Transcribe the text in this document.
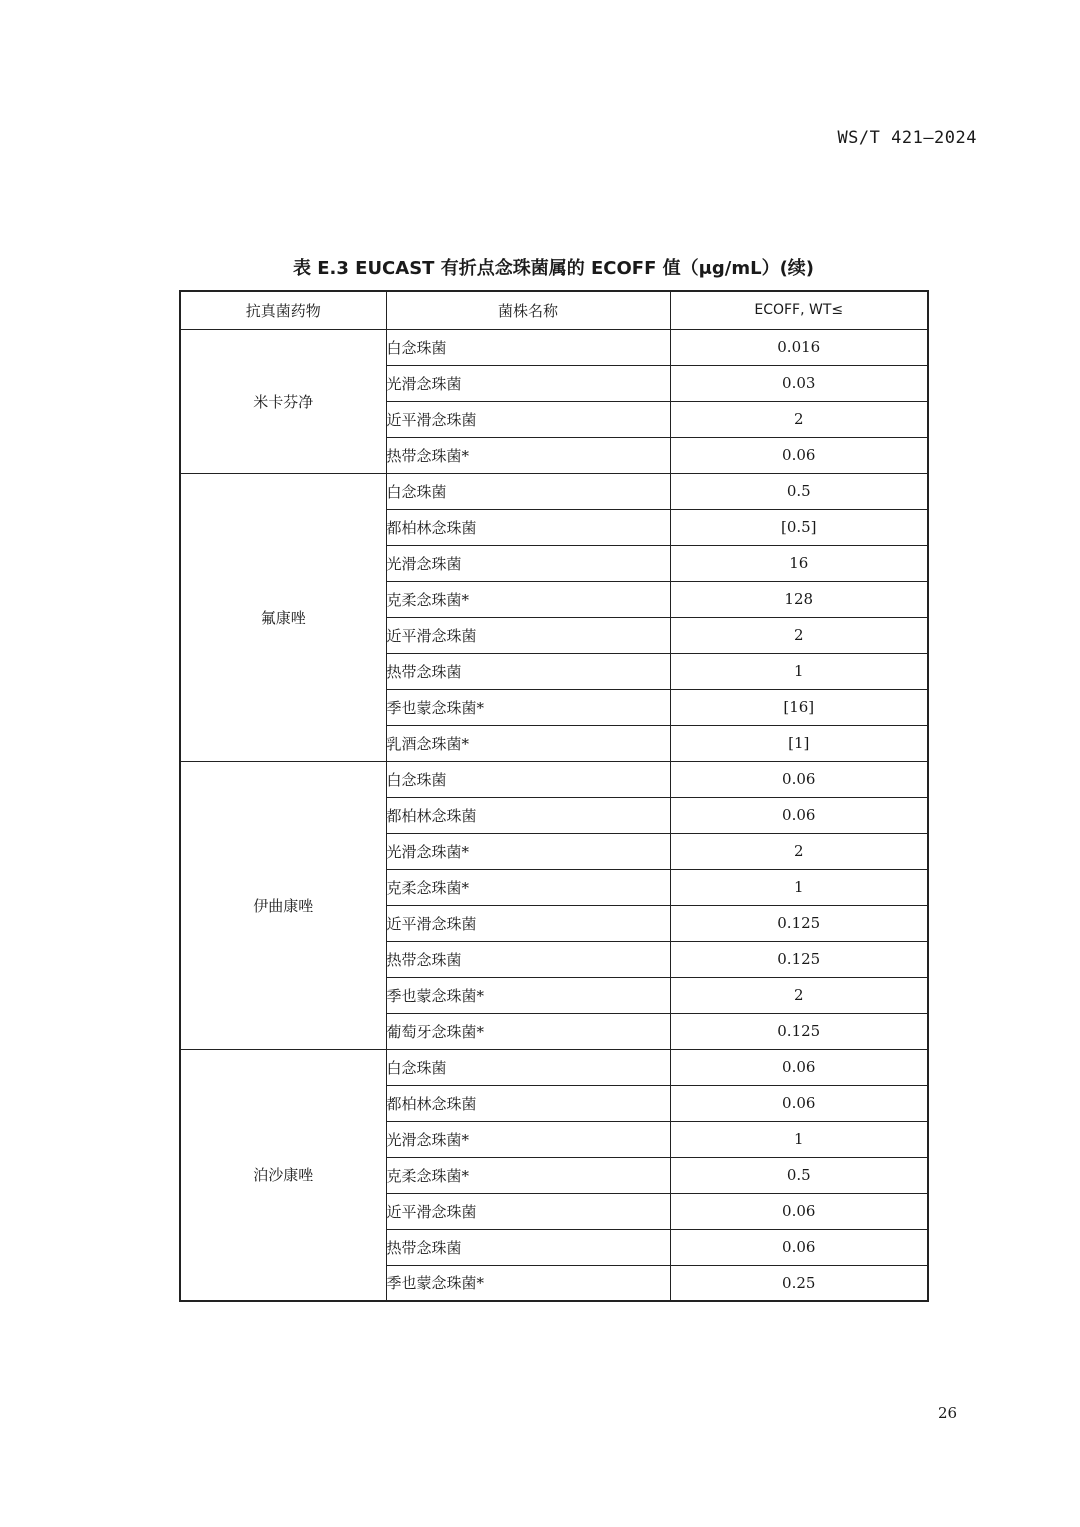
WS/T 421—2024
表 E.3 EUCAST 有折点念珠菌属的 ECOFF 值（μg/mL）(续)
抗真菌药物	菌株名称	ECOFF, WT≤
米卡芬净	白念珠菌	0.016
	光滑念珠菌	0.03
	近平滑念珠菌	2
	热带念珠菌*	0.06
氟康唑	白念珠菌	0.5
	都柏林念珠菌	[0.5]
	光滑念珠菌	16
	克柔念珠菌*	128
	近平滑念珠菌	2
	热带念珠菌	1
	季也蒙念珠菌*	[16]
	乳酒念珠菌*	[1]
伊曲康唑	白念珠菌	0.06
	都柏林念珠菌	0.06
	光滑念珠菌*	2
	克柔念珠菌*	1
	近平滑念珠菌	0.125
	热带念珠菌	0.125
	季也蒙念珠菌*	2
	葡萄牙念珠菌*	0.125
泊沙康唑	白念珠菌	0.06
	都柏林念珠菌	0.06
	光滑念珠菌*	1
	克柔念珠菌*	0.5
	近平滑念珠菌	0.06
	热带念珠菌	0.06
	季也蒙念珠菌*	0.25
26
